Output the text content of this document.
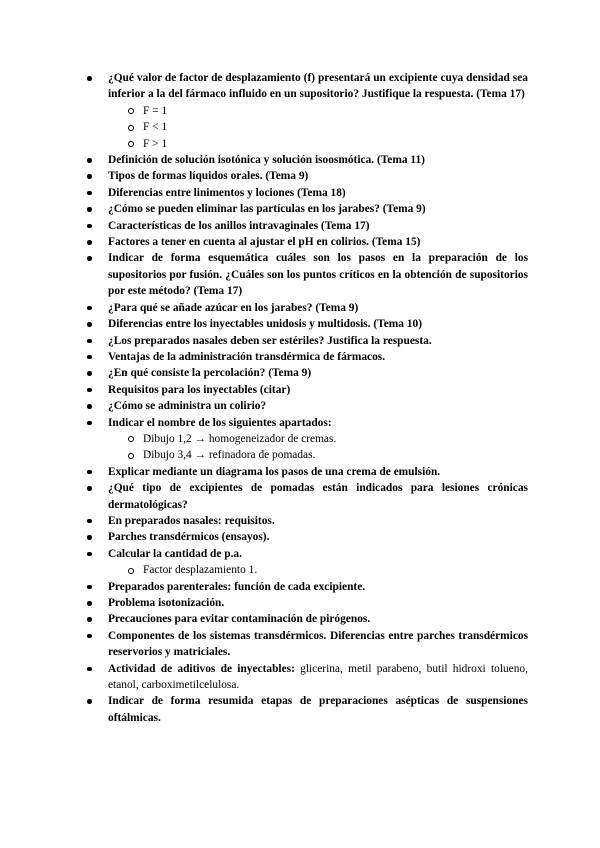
¿Qué valor de factor de desplazamiento (f) presentará un excipiente cuya densidad sea inferior a la del fármaco influido en un supositorio? Justifique la respuesta. (Tema 17)
F = 1
F < 1
F > 1
Definición de solución isotónica y solución isoosmótica. (Tema 11)
Tipos de formas líquidos orales. (Tema 9)
Diferencias entre linimentos y lociones (Tema 18)
¿Cómo se pueden eliminar las partículas en los jarabes? (Tema 9)
Características de los anillos intravaginales (Tema 17)
Factores a tener en cuenta al ajustar el pH en colirios. (Tema 15)
Indicar de forma esquemática cuáles son los pasos en la preparación de los supositorios por fusión. ¿Cuáles son los puntos críticos en la obtención de supositorios por este método? (Tema 17)
¿Para qué se añade azúcar en los jarabes? (Tema 9)
Diferencias entre los inyectables unidosis y multidosis. (Tema 10)
¿Los preparados nasales deben ser estériles? Justifica la respuesta.
Ventajas de la administración transdérmica de fármacos.
¿En qué consiste la percolación? (Tema 9)
Requisitos para los inyectables (citar)
¿Cómo se administra un colirio?
Indicar el nombre de los siguientes apartados:
Dibujo 1,2 → homogeneizador de cremas.
Dibujo 3,4 → refinadora de pomadas.
Explicar mediante un diagrama los pasos de una crema de emulsión.
¿Qué tipo de excipientes de pomadas están indicados para lesiones crónicas dermatológicas?
En preparados nasales: requisitos.
Parches transdérmicos (ensayos).
Calcular la cantidad de p.a.
Factor desplazamiento 1.
Preparados parenterales: función de cada excipiente.
Problema isotonización.
Precauciones para evitar contaminación de pirógenos.
Componentes de los sistemas transdérmicos. Diferencias entre parches transdérmicos reservorios y matriciales.
Actividad de aditivos de inyectables: glicerina, metil parabeno, butil hidroxi tolueno, etanol, carboximetilcelulosa.
Indicar de forma resumida etapas de preparaciones asépticas de suspensiones oftálmicas.
